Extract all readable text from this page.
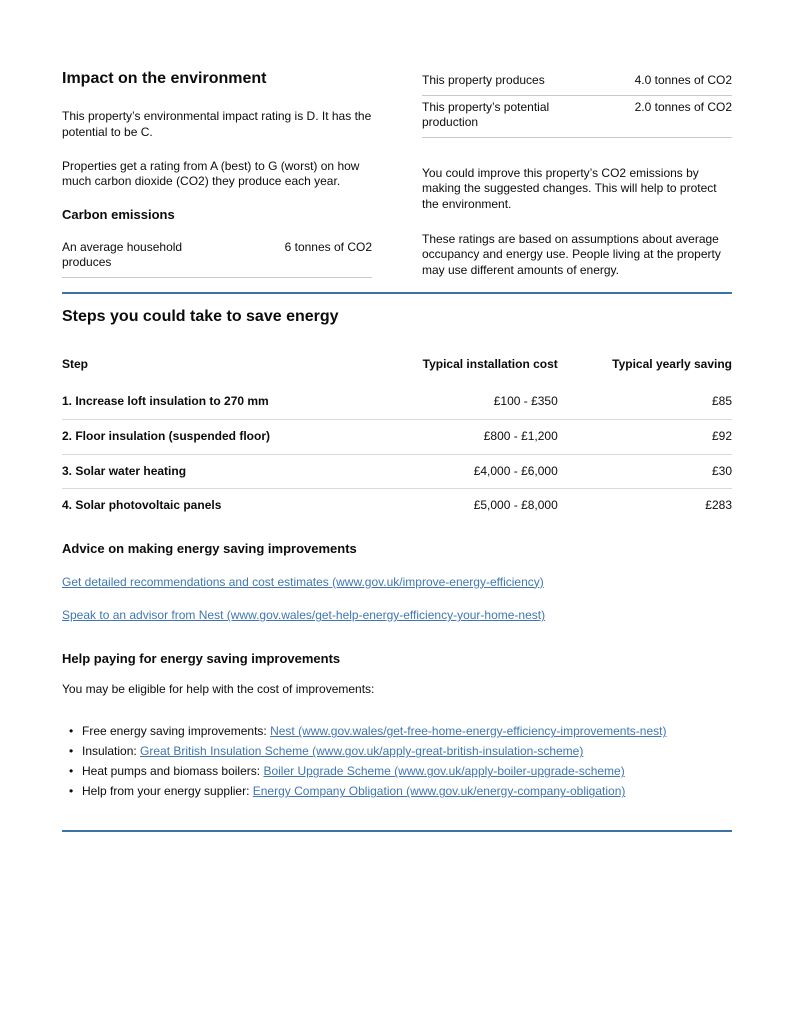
Impact on the environment

This property’s environmental impact rating is D. It has the potential to be C.

Properties get a rating from A (best) to G (worst) on how much carbon dioxide (CO2) they produce each year.

Carbon emissions
An average household produces	6 tonnes of CO2
This property produces	4.0 tonnes of CO2
This property’s potential production	2.0 tonnes of CO2

You could improve this property’s CO2 emissions by making the suggested changes. This will help to protect the environment.

These ratings are based on assumptions about average occupancy and energy use. People living at the property may use different amounts of energy.

Steps you could take to save energy
Step	Typical installation cost	Typical yearly saving
1. Increase loft insulation to 270 mm	£100 - £350	£85
2. Floor insulation (suspended floor)	£800 - £1,200	£92
3. Solar water heating	£4,000 - £6,000	£30
4. Solar photovoltaic panels	£5,000 - £8,000	£283
Advice on making energy saving improvements

Get detailed recommendations and cost estimates (www.gov.uk/improve-energy-efficiency)

Speak to an advisor from Nest (www.gov.wales/get-help-energy-efficiency-your-home-nest)

Help paying for energy saving improvements

You may be eligible for help with the cost of improvements:

• Free energy saving improvements: Nest (www.gov.wales/get-free-home-energy-efficiency-improvements-nest)
• Insulation: Great British Insulation Scheme (www.gov.uk/apply-great-british-insulation-scheme)
• Heat pumps and biomass boilers: Boiler Upgrade Scheme (www.gov.uk/apply-boiler-upgrade-scheme)
• Help from your energy supplier: Energy Company Obligation (www.gov.uk/energy-company-obligation)
